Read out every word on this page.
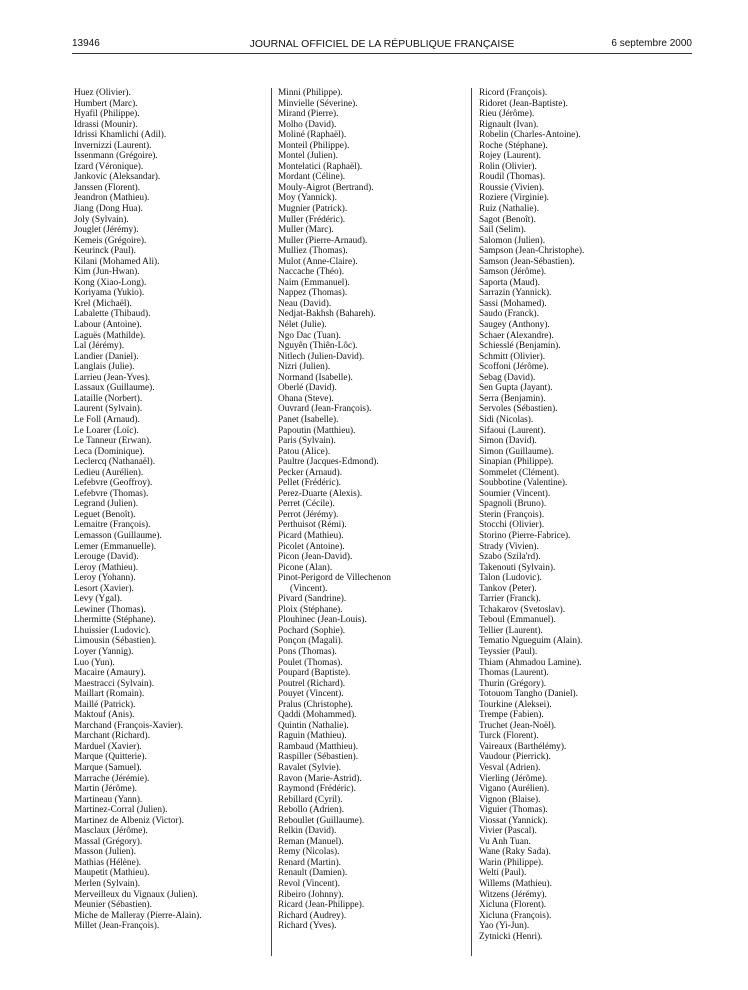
13946	JOURNAL OFFICIEL DE LA RÉPUBLIQUE FRANÇAISE	6 septembre 2000
Huez (Olivier).
Humbert (Marc).
Hyafil (Philippe).
Idrassi (Mounir).
Idrissi Khamlichi (Adil).
Invernizzi (Laurent).
Issenmann (Grégoire).
Izard (Véronique).
Jankovic (Aleksandar).
Janssen (Florent).
Jeandron (Mathieu).
Jiang (Dong Hua).
Joly (Sylvain).
Jouglet (Jérémy).
Kemeis (Grégoire).
Keurinck (Paul).
Kilani (Mohamed Ali).
Kim (Jun-Hwan).
Kong (Xiao-Long).
Koriyama (Yukio).
Krel (Michaël).
Labalette (Thibaud).
Labour (Antoine).
Laguës (Mathilde).
Lal (Jérémy).
Landier (Daniel).
Langlais (Julie).
Larrieu (Jean-Yves).
Lassaux (Guillaume).
Lataille (Norbert).
Laurent (Sylvain).
Le Foll (Arnaud).
Le Loarer (Loïc).
Le Tanneur (Erwan).
Leca (Dominique).
Leclercq (Nathanaël).
Ledieu (Aurélien).
Lefebvre (Geoffroy).
Lefebvre (Thomas).
Legrand (Julien).
Leguet (Benoît).
Lemaitre (François).
Lemasson (Guillaume).
Lemer (Emmanuelle).
Lerouge (David).
Leroy (Mathieu).
Leroy (Yohann).
Lesort (Xavier).
Levy (Ygal).
Lewiner (Thomas).
Lhermitte (Stéphane).
Lhuissier (Ludovic).
Limousin (Sébastien).
Loyer (Yannig).
Luo (Yun).
Macaire (Amaury).
Maestracci (Sylvain).
Maillart (Romain).
Maillé (Patrick).
Maktouf (Anis).
Marchand (François-Xavier).
Marchant (Richard).
Marduel (Xavier).
Marque (Quitterie).
Marque (Samuel).
Marrache (Jérémie).
Martin (Jérôme).
Martineau (Yann).
Martinez-Corral (Julien).
Martinez de Albeniz (Victor).
Masclaux (Jérôme).
Massal (Grégory).
Masson (Julien).
Mathias (Hélène).
Maupetit (Mathieu).
Merlen (Sylvain).
Merveilleux du Vignaux (Julien).
Meunier (Sébastien).
Miche de Malleray (Pierre-Alain).
Millet (Jean-François).
Minni (Philippe).
Minvielle (Séverine).
Mirand (Pierre).
Molho (David).
Moliné (Raphaël).
Monteil (Philippe).
Montel (Julien).
Montelatici (Raphaël).
Mordant (Céline).
Mouly-Aigrot (Bertrand).
Moy (Yannick).
Mugnier (Patrick).
Muller (Frédéric).
Muller (Marc).
Muller (Pierre-Arnaud).
Mulliez (Thomas).
Mulot (Anne-Claire).
Naccache (Théo).
Naim (Emmanuel).
Nappez (Thomas).
Neau (David).
Nedjat-Bakhsh (Bahareh).
Nélet (Julie).
Ngo Dac (Tuan).
Nguyên (Thiên-Lôc).
Nitlech (Julien-David).
Nizri (Julien).
Normand (Isabelle).
Oberlé (David).
Ohana (Steve).
Ouvrard (Jean-François).
Panet (Isabelle).
Papoutin (Matthieu).
Paris (Sylvain).
Patou (Alice).
Paultre (Jacques-Edmond).
Pecker (Arnaud).
Pellet (Frédéric).
Perez-Duarte (Alexis).
Perret (Cécile).
Perrot (Jérémy).
Perthuisot (Rémi).
Picard (Mathieu).
Picolet (Antoine).
Picon (Jean-David).
Picone (Alan).
Pinot-Perigord de Villechenon
(Vincent).
Pivard (Sandrine).
Ploix (Stéphane).
Plouhinec (Jean-Louis).
Pochard (Sophie).
Ponçon (Magali).
Pons (Thomas).
Poulet (Thomas).
Poupard (Baptiste).
Poutrel (Richard).
Pouyet (Vincent).
Pralus (Christophe).
Qaddi (Mohammed).
Quintin (Nathalie).
Raguin (Mathieu).
Rambaud (Matthieu).
Raspiller (Sébastien).
Ravalet (Sylvie).
Ravon (Marie-Astrid).
Raymond (Frédéric).
Rebillard (Cyril).
Rebollo (Adrien).
Reboullet (Guillaume).
Relkin (David).
Reman (Manuel).
Remy (Nicolas).
Renard (Martin).
Renault (Damien).
Revol (Vincent).
Ribeiro (Johnny).
Ricard (Jean-Philippe).
Richard (Audrey).
Richard (Yves).
Ricord (François).
Ridoret (Jean-Baptiste).
Rieu (Jérôme).
Rignault (Ivan).
Robelin (Charles-Antoine).
Roche (Stéphane).
Rojey (Laurent).
Rolin (Olivier).
Roudil (Thomas).
Roussie (Vivien).
Roziere (Virginie).
Ruiz (Nathalie).
Sagot (Benoît).
Sail (Selim).
Salomon (Julien).
Sampson (Jean-Christophe).
Samson (Jean-Sébastien).
Samson (Jérôme).
Saporta (Maud).
Sarrazin (Yannick).
Sassi (Mohamed).
Saudo (Franck).
Saugey (Anthony).
Schaer (Alexandre).
Schiesslé (Benjamin).
Schmitt (Olivier).
Scoffoni (Jérôme).
Sebag (David).
Sen Gupta (Jayant).
Serra (Benjamin).
Servoles (Sébastien).
Sidi (Nicolas).
Sifaoui (Laurent).
Simon (David).
Simon (Guillaume).
Sinapian (Philippe).
Sommelet (Clément).
Soubbotine (Valentine).
Soumier (Vincent).
Spagnoli (Bruno).
Sterin (François).
Stocchi (Olivier).
Storino (Pierre-Fabrice).
Strady (Vivien).
Szabo (Szila'rd).
Takenouti (Sylvain).
Talon (Ludovic).
Tankov (Peter).
Tarrier (Franck).
Tchakarov (Svetoslav).
Teboul (Emmanuel).
Tellier (Laurent).
Tematio Ngueguim (Alain).
Teyssier (Paul).
Thiam (Ahmadou Lamine).
Thomas (Laurent).
Thurin (Grégory).
Totouom Tangho (Daniel).
Tourkine (Aleksei).
Trempe (Fabien).
Truchet (Jean-Noël).
Turck (Florent).
Vaireaux (Barthélémy).
Vaudour (Pierrick).
Vesval (Adrien).
Vierling (Jérôme).
Vigano (Aurélien).
Vignon (Blaise).
Viguier (Thomas).
Viossat (Yannick).
Vivier (Pascal).
Vu Anh Tuan.
Wane (Raky Sada).
Warin (Philippe).
Welti (Paul).
Willems (Mathieu).
Witzens (Jérémy).
Xicluna (Florent).
Xicluna (François).
Yao (Yi-Jun).
Zytnicki (Henri).
